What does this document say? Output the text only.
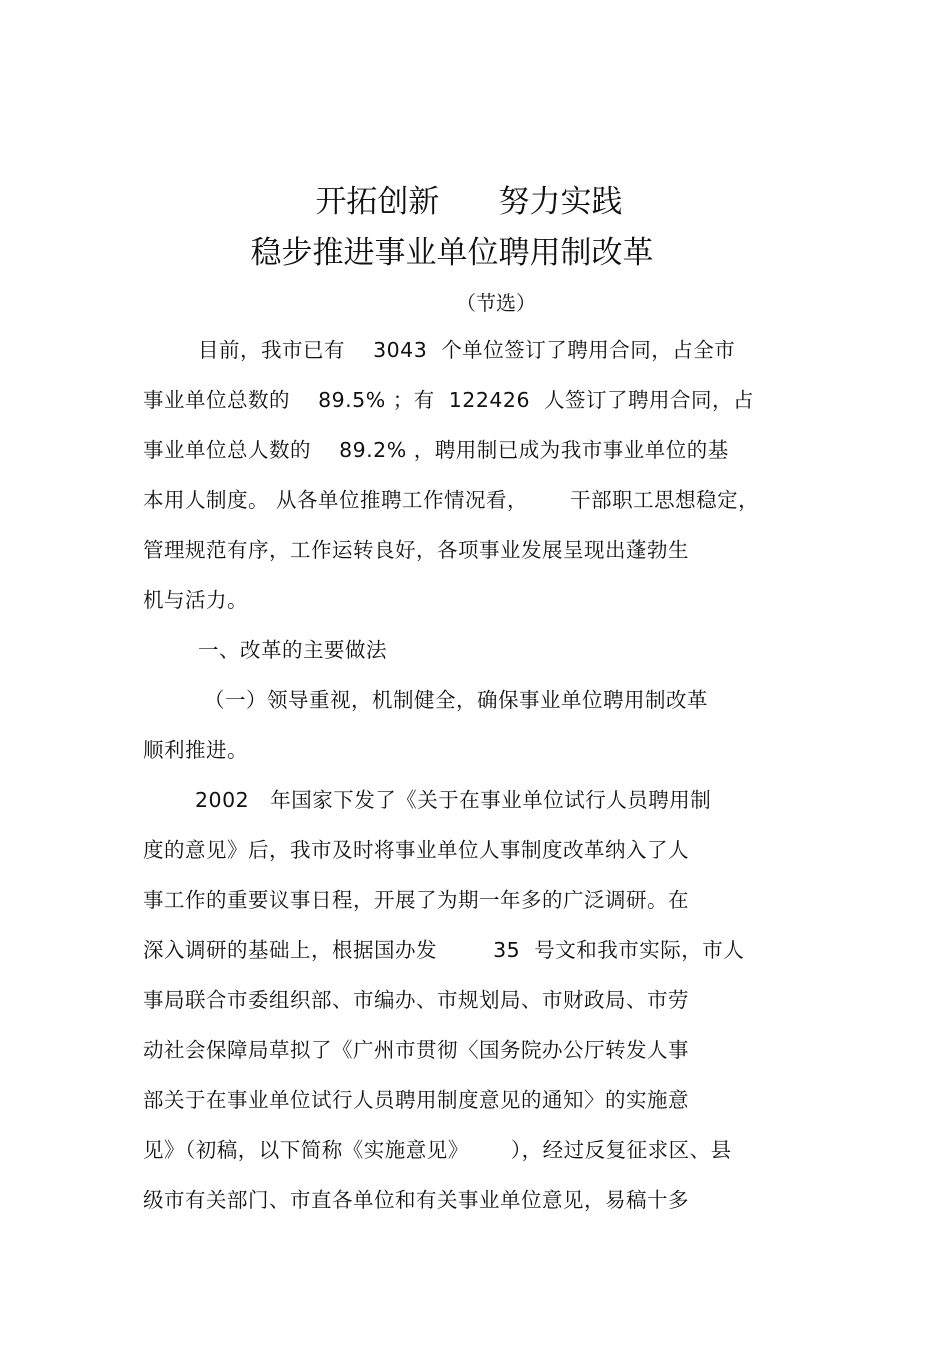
开拓创新      努力实践
稳步推进事业单位聘用制改革
（节选）
目前，我市已有    3043  个单位签订了聘用合同，占全市
事业单位总数的    89.5% ；有  122426  人签订了聘用合同，占
事业单位总人数的    89.2% ，聘用制已成为我市事业单位的基
本用人制度。 从各单位推聘工作情况看，      干部职工思想稳定，
管理规范有序，工作运转良好，各项事业发展呈现出蓬勃生
机与活力。
一、改革的主要做法
（一）领导重视，机制健全，确保事业单位聘用制改革
顺利推进。
2002   年国家下发了《关于在事业单位试行人员聘用制
度的意见》后，我市及时将事业单位人事制度改革纳入了人
事工作的重要议事日程，开展了为期一年多的广泛调研。在
深入调研的基础上，根据国办发        35  号文和我市实际，市人
事局联合市委组织部、市编办、市规划局、市财政局、市劳
动社会保障局草拟了《广州市贯彻〈国务院办公厅转发人事
部关于在事业单位试行人员聘用制度意见的通知〉的实施意
见》（初稿，以下简称《实施意见》      ），经过反复征求区、县
级市有关部门、市直各单位和有关事业单位意见，易稿十多
